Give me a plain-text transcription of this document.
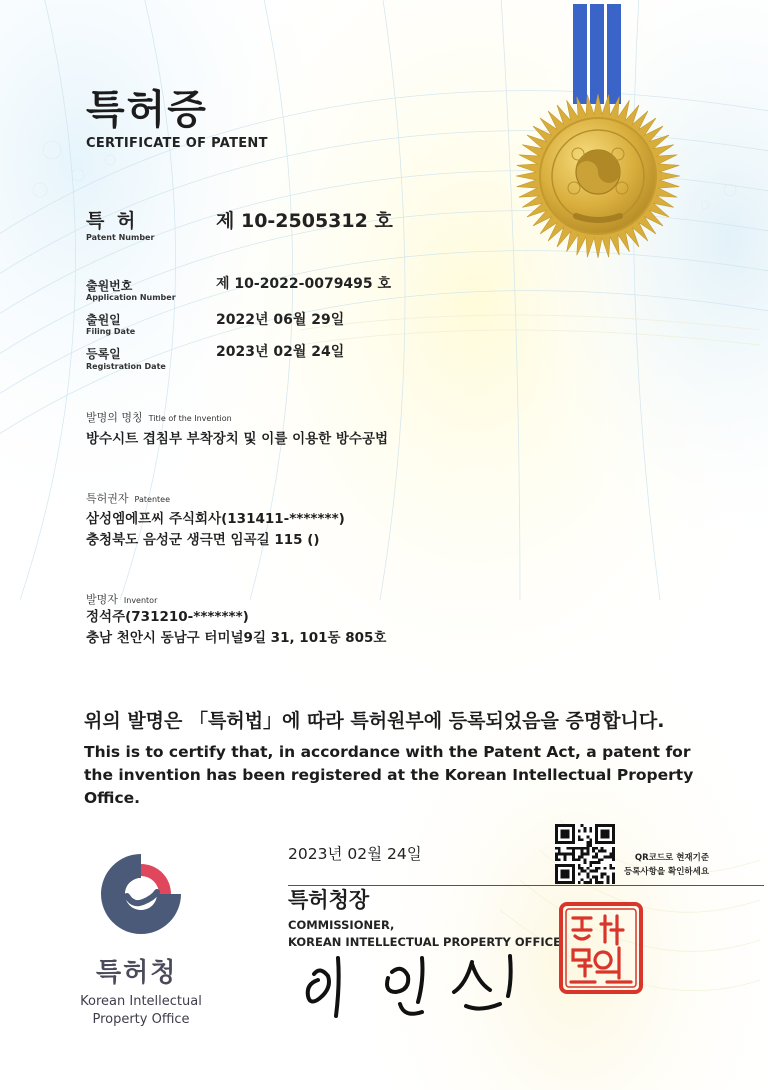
특허증
CERTIFICATE OF PATENT
특 허
Patent Number
제 10-2505312 호
출원번호
Application Number
제 10-2022-0079495 호
출원일
Filing Date
2022년 06월 29일
등록일
Registration Date
2023년 02월 24일
발명의 명칭 Title of the Invention
방수시트 겹침부 부착장치 및 이를 이용한 방수공법
특허권자 Patentee
삼성엠에프씨 주식회사(131411-*******)
충청북도 음성군 생극면 임곡길 115 ()
발명자 Inventor
정석주(731210-*******)
충남 천안시 동남구 터미널9길 31, 101동 805호
위의 발명은 「특허법」에 따라 특허원부에 등록되었음을 증명합니다.
This is to certify that, in accordance with the Patent Act, a patent for the invention has been registered at the Korean Intellectual Property Office.
2023년 02월 24일
특허청장
COMMISSIONER,
KOREAN INTELLECTUAL PROPERTY OFFICE
QR코드로 현재기준
등록사항을 확인하세요
특허청
Korean Intellectual Property Office
